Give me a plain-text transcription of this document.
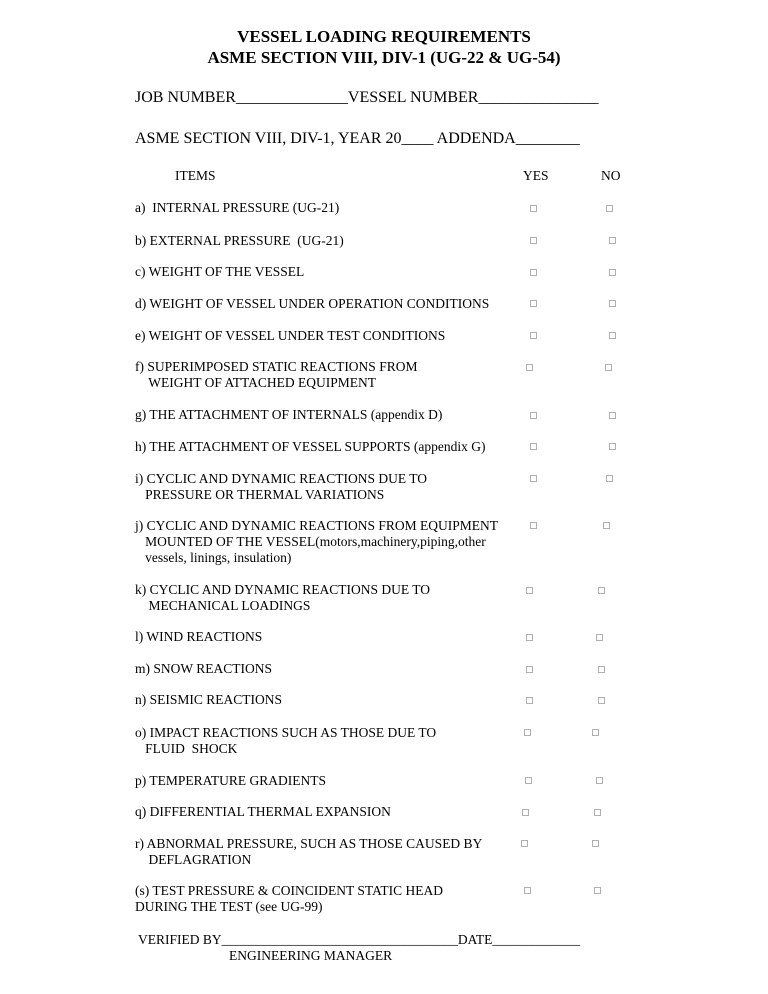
VESSEL LOADING REQUIREMENTS
ASME SECTION VIII, DIV-1 (UG-22 & UG-54)
JOB NUMBER______________VESSEL NUMBER_______________
ASME SECTION VIII, DIV-1, YEAR 20____ ADDENDA________
ITEMS	YES	NO
a)  INTERNAL PRESSURE (UG-21)
b) EXTERNAL PRESSURE  (UG-21)
c) WEIGHT OF THE VESSEL
d) WEIGHT OF VESSEL UNDER OPERATION CONDITIONS
e) WEIGHT OF VESSEL UNDER TEST CONDITIONS
f) SUPERIMPOSED STATIC REACTIONS FROM
WEIGHT OF ATTACHED EQUIPMENT
g) THE ATTACHMENT OF INTERNALS (appendix D)
h) THE ATTACHMENT OF VESSEL SUPPORTS (appendix G)
i) CYCLIC AND DYNAMIC REACTIONS DUE TO
PRESSURE OR THERMAL VARIATIONS
j) CYCLIC AND DYNAMIC REACTIONS FROM EQUIPMENT
MOUNTED OF THE VESSEL(motors,machinery,piping,other
vessels, linings, insulation)
k) CYCLIC AND DYNAMIC REACTIONS DUE TO
MECHANICAL LOADINGS
l) WIND REACTIONS
m) SNOW REACTIONS
n) SEISMIC REACTIONS
o) IMPACT REACTIONS SUCH AS THOSE DUE TO
FLUID  SHOCK
p) TEMPERATURE GRADIENTS
q) DIFFERENTIAL THERMAL EXPANSION
r) ABNORMAL PRESSURE, SUCH AS THOSE CAUSED BY
DEFLAGRATION
(s) TEST PRESSURE & COINCIDENT STATIC HEAD
DURING THE TEST (see UG-99)
VERIFIED BY___________________________________DATE_____________
ENGINEERING MANAGER
